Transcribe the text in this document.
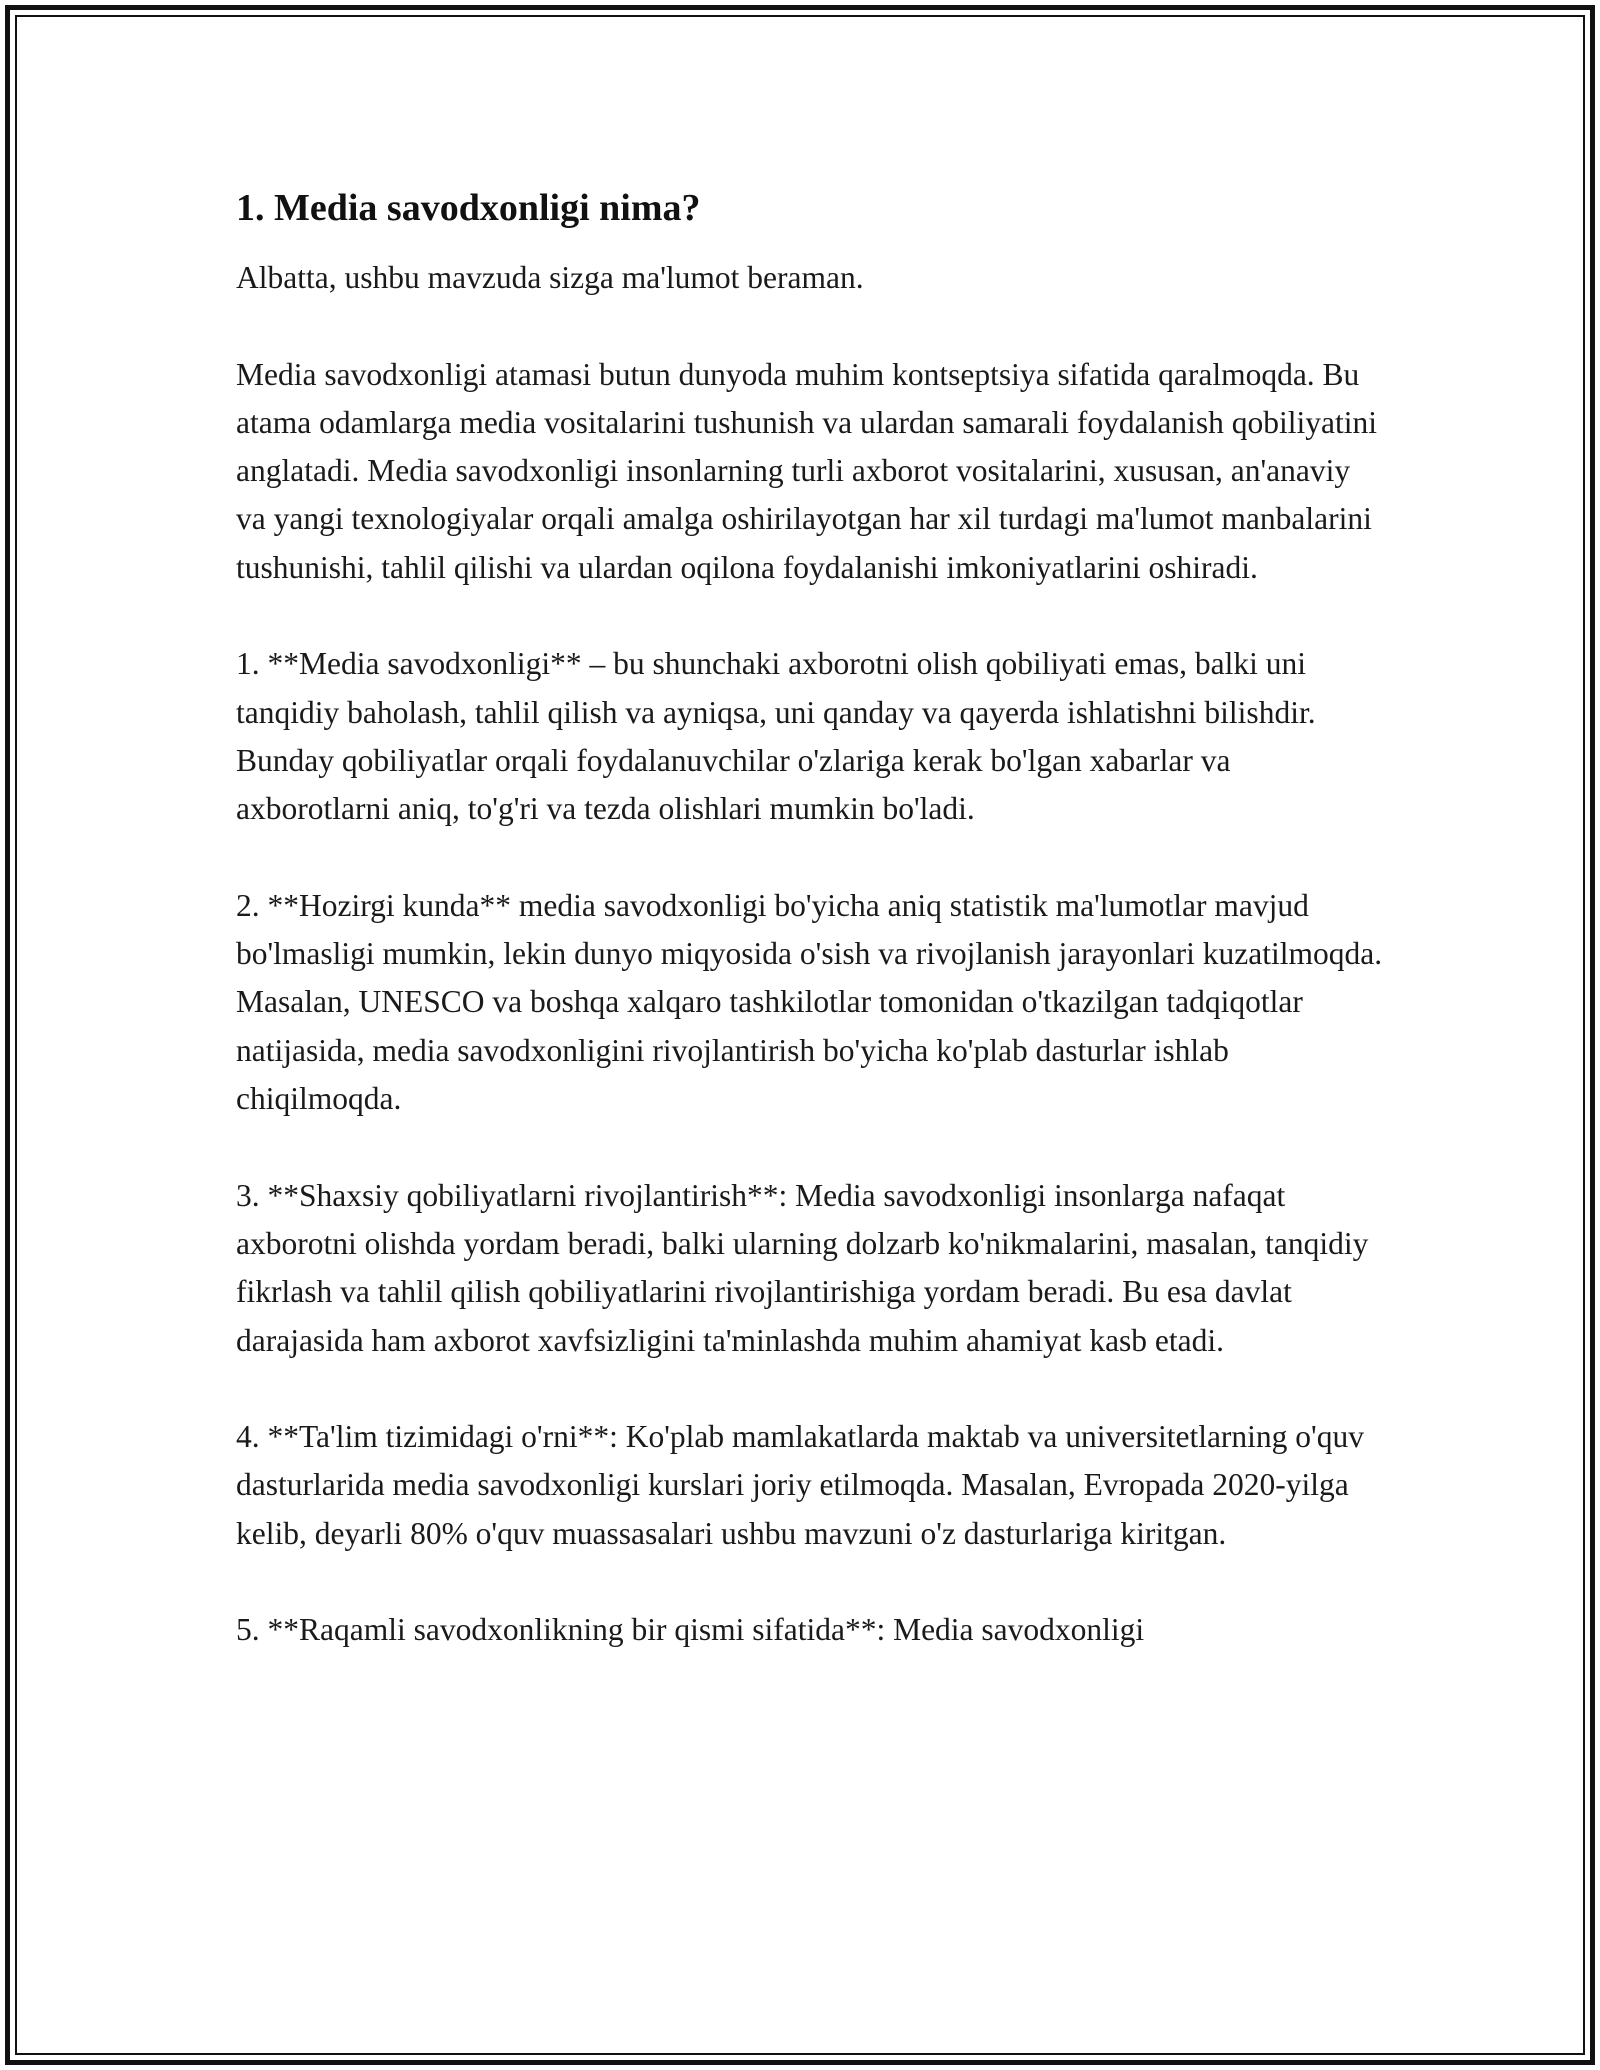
1. Media savodxonligi nima?

Albatta, ushbu mavzuda sizga ma'lumot beraman.

Media savodxonligi atamasi butun dunyoda muhim kontseptsiya sifatida qaralmoqda. Bu atama odamlarga media vositalarini tushunish va ulardan samarali foydalanish qobiliyatini anglatadi. Media savodxonligi insonlarning turli axborot vositalarini, xususan, an'anaviy va yangi texnologiyalar orqali amalga oshirilayotgan har xil turdagi ma'lumot manbalarini tushunishi, tahlil qilishi va ulardan oqilona foydalanishi imkoniyatlarini oshiradi.

1. **Media savodxonligi** – bu shunchaki axborotni olish qobiliyati emas, balki uni tanqidiy baholash, tahlil qilish va ayniqsa, uni qanday va qayerda ishlatishni bilishdir. Bunday qobiliyatlar orqali foydalanuvchilar o'zlariga kerak bo'lgan xabarlar va axborotlarni aniq, to'g'ri va tezda olishlari mumkin bo'ladi.

2. **Hozirgi kunda** media savodxonligi bo'yicha aniq statistik ma'lumotlar mavjud bo'lmasligi mumkin, lekin dunyo miqyosida o'sish va rivojlanish jarayonlari kuzatilmoqda. Masalan, UNESCO va boshqa xalqaro tashkilotlar tomonidan o'tkazilgan tadqiqotlar natijasida, media savodxonligini rivojlantirish bo'yicha ko'plab dasturlar ishlab chiqilmoqda.

3. **Shaxsiy qobiliyatlarni rivojlantirish**: Media savodxonligi insonlarga nafaqat axborotni olishda yordam beradi, balki ularning dolzarb ko'nikmalarini, masalan, tanqidiy fikrlash va tahlil qilish qobiliyatlarini rivojlantirishiga yordam beradi. Bu esa davlat darajasida ham axborot xavfsizligini ta'minlashda muhim ahamiyat kasb etadi.

4. **Ta'lim tizimidagi o'rni**: Ko'plab mamlakatlarda maktab va universitetlarning o'quv dasturlarida media savodxonligi kurslari joriy etilmoqda. Masalan, Evropada 2020-yilga kelib, deyarli 80% o'quv muassasalari ushbu mavzuni o'z dasturlariga kiritgan.

5. **Raqamli savodxonlikning bir qismi sifatida**: Media savodxonligi
